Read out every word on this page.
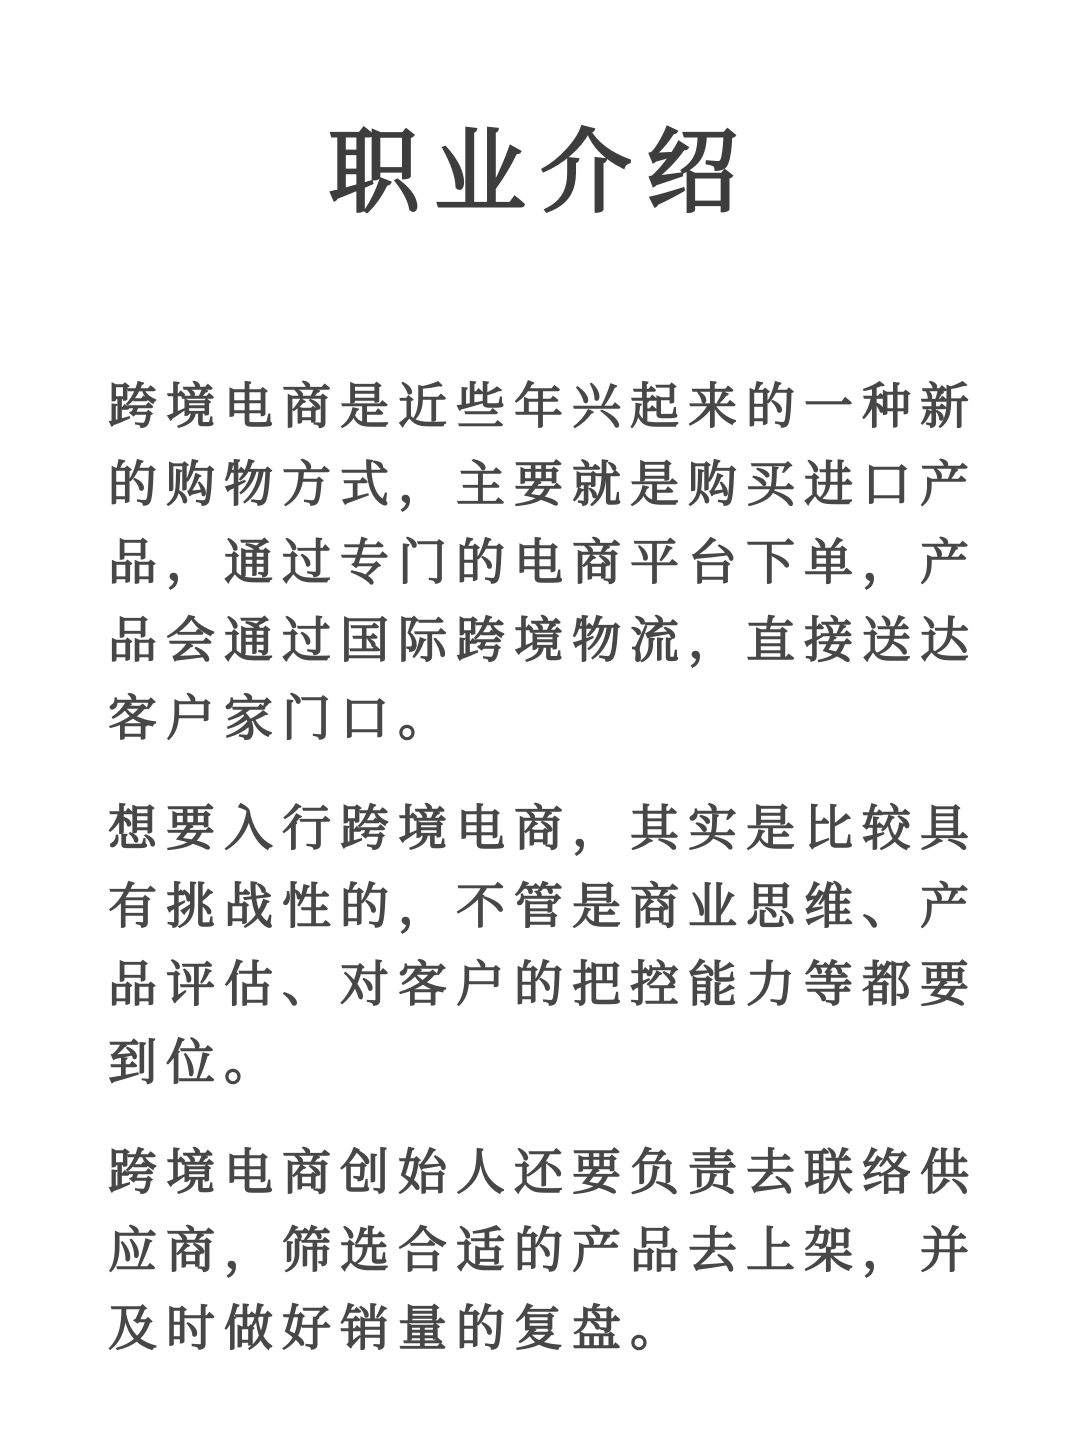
职业介绍

跨境电商是近些年兴起来的一种新的购物方式，主要就是购买进口产品，通过专门的电商平台下单，产品会通过国际跨境物流，直接送达客户家门口。

想要入行跨境电商，其实是比较具有挑战性的，不管是商业思维、产品评估、对客户的把控能力等都要到位。

跨境电商创始人还要负责去联络供应商，筛选合适的产品去上架，并及时做好销量的复盘。
